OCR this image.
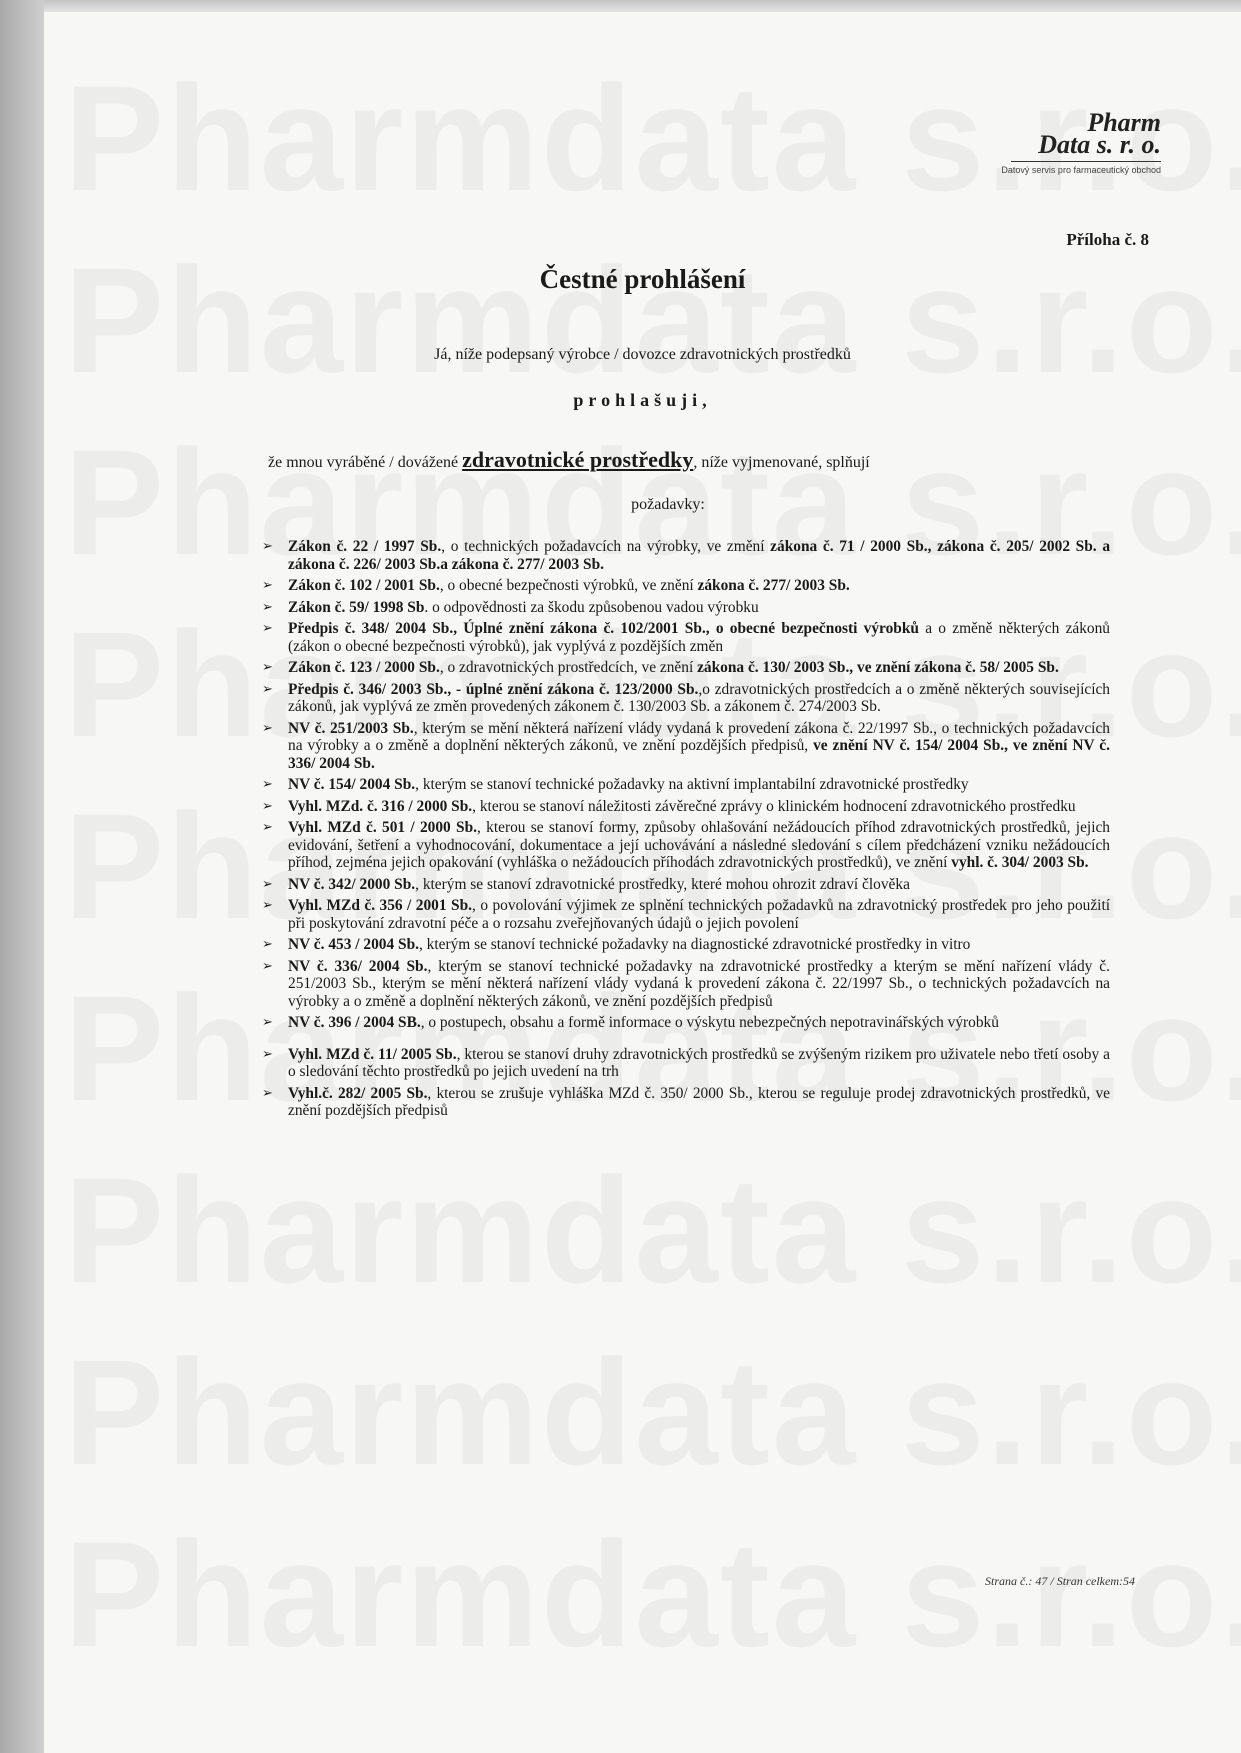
Pharm
Data s. r. o.
Datový servis pro farmaceutický obchod
Příloha č. 8
Čestné prohlášení
Já, níže podepsaný výrobce / dovozce zdravotnických prostředků
prohlašuji,
že mnou vyráběné / dovážené zdravotnické prostředky, níže vyjmenované, splňují
požadavky:
➢ Zákon č. 22 / 1997 Sb., o technických požadavcích na výrobky, ve změní zákona č. 71 / 2000 Sb., zákona č. 205/ 2002 Sb. a zákona č. 226/ 2003 Sb.a zákona č. 277/ 2003 Sb.
➢ Zákon č. 102 / 2001 Sb., o obecné bezpečnosti výrobků, ve znění zákona č. 277/ 2003 Sb.
➢ Zákon č. 59/ 1998 Sb. o odpovědnosti za škodu způsobenou vadou výrobku
➢ Předpis č. 348/ 2004 Sb., Úplné znění zákona č. 102/2001 Sb., o obecné bezpečnosti výrobků a o změně některých zákonů (zákon o obecné bezpečnosti výrobků), jak vyplývá z pozdějších změn
➢ Zákon č. 123 / 2000 Sb., o zdravotnických prostředcích, ve znění zákona č. 130/ 2003 Sb., ve znění zákona č. 58/ 2005 Sb.
➢ Předpis č. 346/ 2003 Sb., - úplné znění zákona č. 123/2000 Sb.,o zdravotnických prostředcích a o změně některých souvisejících zákonů, jak vyplývá ze změn provedených zákonem č. 130/2003 Sb. a zákonem č. 274/2003 Sb.
➢ NV č. 251/2003 Sb., kterým se mění některá nařízení vlády vydaná k provedení zákona č. 22/1997 Sb., o technických požadavcích na výrobky a o změně a doplnění některých zákonů, ve znění pozdějších předpisů, ve znění NV č. 154/ 2004 Sb., ve znění NV č. 336/ 2004 Sb.
➢ NV č. 154/ 2004 Sb., kterým se stanoví technické požadavky na aktivní implantabilní zdravotnické prostředky
➢ Vyhl. MZd. č. 316 / 2000 Sb., kterou se stanoví náležitosti závěrečné zprávy o klinickém hodnocení zdravotnického prostředku
➢ Vyhl. MZd č. 501 / 2000 Sb., kterou se stanoví formy, způsoby ohlašování nežádoucích příhod zdravotnických prostředků, jejich evidování, šetření a vyhodnocování, dokumentace a její uchovávání a následné sledování s cílem předcházení vzniku nežádoucích příhod, zejména jejich opakování (vyhláška o nežádoucích příhodách zdravotnických prostředků), ve znění vyhl. č. 304/ 2003 Sb.
➢ NV č. 342/ 2000 Sb., kterým se stanoví zdravotnické prostředky, které mohou ohrozit zdraví člověka
➢ Vyhl. MZd č. 356 / 2001 Sb., o povolování výjimek ze splnění technických požadavků na zdravotnický prostředek pro jeho použití při poskytování zdravotní péče a o rozsahu zveřejňovaných údajů o jejich povolení
➢ NV č. 453 / 2004 Sb., kterým se stanoví technické požadavky na diagnostické zdravotnické prostředky in vitro
➢ NV č. 336/ 2004 Sb., kterým se stanoví technické požadavky na zdravotnické prostředky a kterým se mění nařízení vlády č. 251/2003 Sb., kterým se mění některá nařízení vlády vydaná k provedení zákona č. 22/1997 Sb., o technických požadavcích na výrobky a o změně a doplnění některých zákonů, ve znění pozdějších předpisů
➢ NV č. 396 / 2004 SB., o postupech, obsahu a formě informace o výskytu nebezpečných nepotravinářských výrobků
➢ Vyhl. MZd č. 11/ 2005 Sb., kterou se stanoví druhy zdravotnických prostředků se zvýšeným rizikem pro uživatele nebo třetí osoby a o sledování těchto prostředků po jejich uvedení na trh
➢ Vyhl.č. 282/ 2005 Sb., kterou se zrušuje vyhláška MZd č. 350/ 2000 Sb., kterou se reguluje prodej zdravotnických prostředků, ve znění pozdějších předpisů
Strana č.: 47 / Stran celkem:54
